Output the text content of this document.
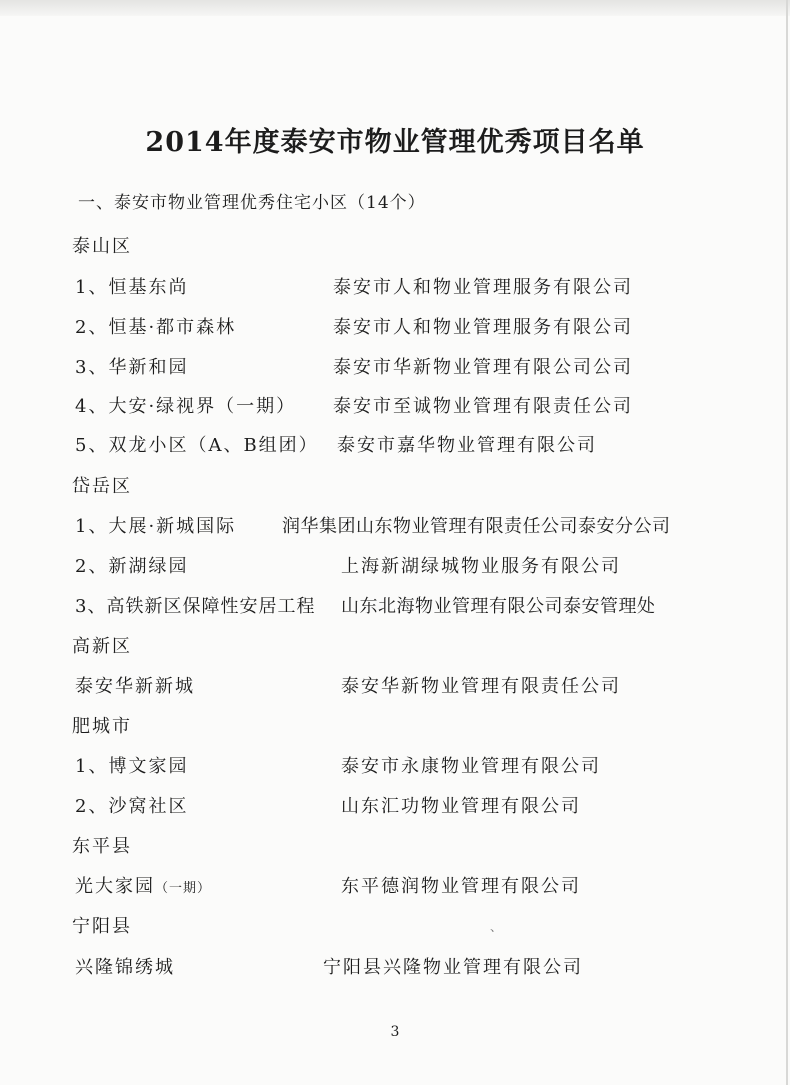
2014年度泰安市物业管理优秀项目名单
一、泰安市物业管理优秀住宅小区（14个）
泰山区
1、恒基东尚	泰安市人和物业管理服务有限公司
2、恒基·都市森林	泰安市人和物业管理服务有限公司
3、华新和园	泰安市华新物业管理有限公司公司
4、大安·绿视界（一期） 泰安市至诚物业管理有限责任公司
5、双龙小区（A、B组团） 泰安市嘉华物业管理有限公司
岱岳区
1、大展·新城国际	润华集团山东物业管理有限责任公司泰安分公司
2、新湖绿园	上海新湖绿城物业服务有限公司
3、高铁新区保障性安居工程 山东北海物业管理有限公司泰安管理处
高新区
泰安华新新城	泰安华新物业管理有限责任公司
肥城市
1、博文家园	泰安市永康物业管理有限公司
2、沙窝社区	山东汇功物业管理有限公司
东平县
光大家园（一期）	东平德润物业管理有限公司
宁阳县	、
兴隆锦绣城	宁阳县兴隆物业管理有限公司
3
